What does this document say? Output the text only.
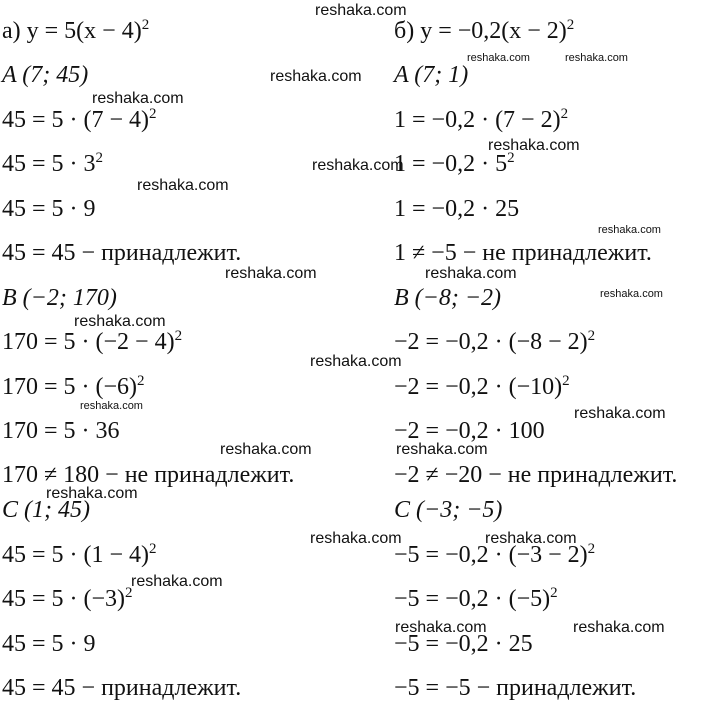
а) $y = 5(x - 4)^2$
A (7; 45)
$45 = 5 \cdot (7 - 4)^2$
$45 = 5 \cdot 3^2$
45 = 5 · 9
45 = 45 − принадлежит.
B (−2; 170)
$170 = 5 \cdot (-2 - 4)^2$
$170 = 5 \cdot (-6)^2$
170 = 5 · 36
170 ≠ 180 − не принадлежит.
C (1; 45)
$45 = 5 \cdot (1 - 4)^2$
$45 = 5 \cdot (-3)^2$
45 = 5 · 9
45 = 45 − принадлежит.
б) $y = -0,2(x - 2)^2$
A (7; 1)
$1 = -0,2 \cdot (7 - 2)^2$
$1 = -0,2 \cdot 5^2$
1 = −0,2 · 25
1 ≠ −5 − не принадлежит.
B (−8; −2)
$-2 = -0,2 \cdot (-8 - 2)^2$
$-2 = -0,2 \cdot (-10)^2$
−2 = −0,2 · 100
−2 ≠ −20 − не принадлежит.
C (−3; −5)
$-5 = -0,2 \cdot (-3 - 2)^2$
$-5 = -0,2 \cdot (-5)^2$
−5 = −0,2 · 25
−5 = −5 − принадлежит.
reshaka.com
reshaka.com
reshaka.com
reshaka.com	reshaka.com
reshaka.com
reshaka.com
reshaka.com
reshaka.com
reshaka.com	reshaka.com
reshaka.com
reshaka.com
reshaka.com
reshaka.com	reshaka.com
reshaka.com	reshaka.com
reshaka.com
reshaka.com	reshaka.com
reshaka.com
reshaka.com	reshaka.com
